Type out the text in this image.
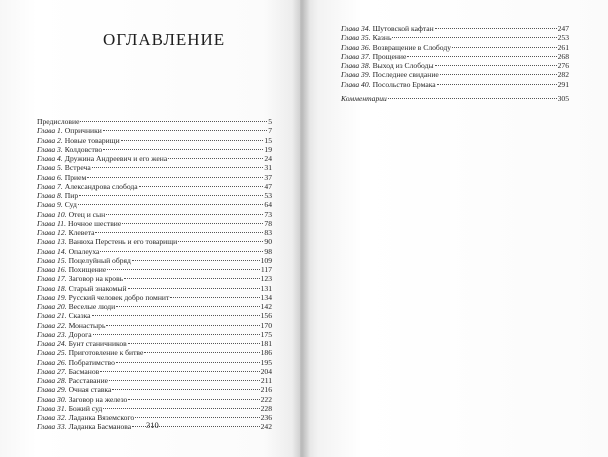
ОГЛАВЛЕНИЕ
Предисловие	5
Глава 1. Опричники	7
Глава 2. Новые товарищи	15
Глава 3. Колдовство	19
Глава 4. Дружина Андреевич и его жена	24
Глава 5. Встреча	31
Глава 6. Прием	37
Глава 7. Александрова слобода	47
Глава 8. Пир	53
Глава 9. Суд	64
Глава 10. Отец и сын	73
Глава 11. Ночное шествие	78
Глава 12. Клевета	83
Глава 13. Ванюха Перстень и его товарищи	90
Глава 14. Опалеуха	98
Глава 15. Поцелуйный обряд	109
Глава 16. Похищение	117
Глава 17. Заговор на кровь	123
Глава 18. Старый знакомый	131
Глава 19. Русский человек добро помнит	134
Глава 20. Веселые люди	142
Глава 21. Сказка	156
Глава 22. Монастырь	170
Глава 23. Дорога	175
Глава 24. Бунт станичников	181
Глава 25. Приготовление к битве	186
Глава 26. Побратимство	195
Глава 27. Басманов	204
Глава 28. Расставание	211
Глава 29. Очная ставка	216
Глава 30. Заговор на железо	222
Глава 31. Божий суд	228
Глава 32. Ладанка Вяземского	236
Глава 33. Ладанка Басманова	242

310

Глава 34. Шутовской кафтан	247
Глава 35. Казнь	253
Глава 36. Возвращение в Слободу	261
Глава 37. Прощение	268
Глава 38. Выход из Слободы	276
Глава 39. Последнее свидание	282
Глава 40. Посольство Ермака	291
Комментарии	305
